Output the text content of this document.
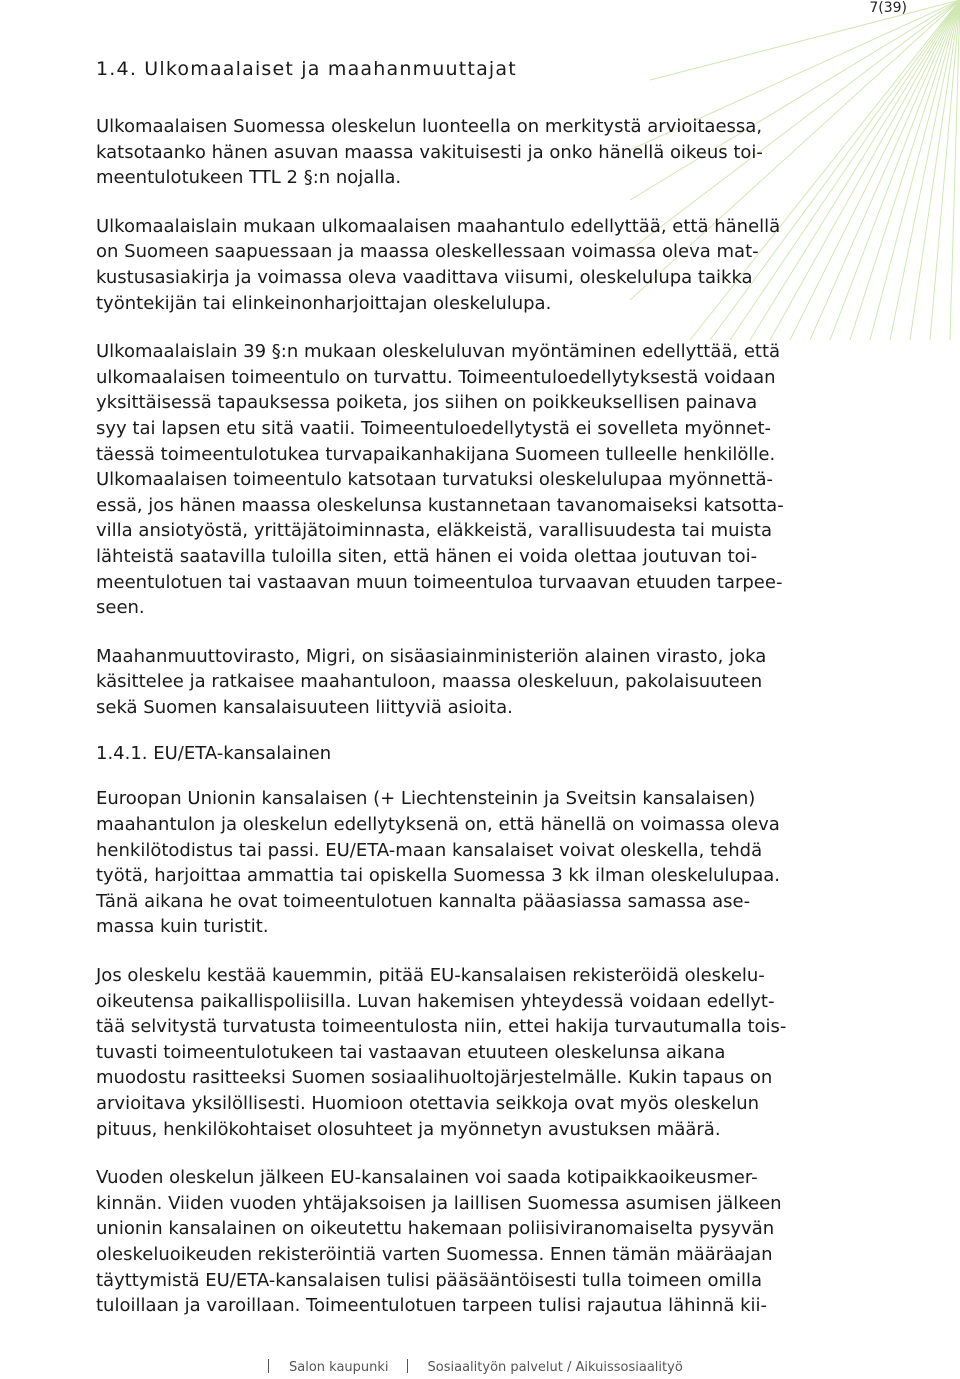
7(39)
1.4. Ulkomaalaiset ja maahanmuuttajat

Ulkomaalaisen Suomessa oleskelun luonteella on merkitystä arvioitaessa,
katsotaanko hänen asuvan maassa vakituisesti ja onko hänellä oikeus toi-
meentulotukeen TTL 2 §:n nojalla.

Ulkomaalaislain mukaan ulkomaalaisen maahantulo edellyttää, että hänellä
on Suomeen saapuessaan ja maassa oleskellessaan voimassa oleva mat-
kustusasiakirja ja voimassa oleva vaadittava viisumi, oleskelulupa taikka
työntekijän tai elinkeinonharjoittajan oleskelulupa.

Ulkomaalaislain 39 §:n mukaan oleskeluluvan myöntäminen edellyttää, että
ulkomaalaisen toimeentulo on turvattu. Toimeentuloedellytyksestä voidaan
yksittäisessä tapauksessa poiketa, jos siihen on poikkeuksellisen painava
syy tai lapsen etu sitä vaatii. Toimeentuloedellytystä ei sovelleta myönnet-
täessä toimeentulotukea turvapaikanhakijana Suomeen tulleelle henkilölle.
Ulkomaalaisen toimeentulo katsotaan turvatuksi oleskelulupaa myönnettä-
essä, jos hänen maassa oleskelunsa kustannetaan tavanomaiseksi katsotta-
villa ansiotyöstä, yrittäjätoiminnasta, eläkkeistä, varallisuudesta tai muista
lähteistä saatavilla tuloilla siten, että hänen ei voida olettaa joutuvan toi-
meentulotuen tai vastaavan muun toimeentuloa turvaavan etuuden tarpee-
seen.

Maahanmuuttovirasto, Migri, on sisäasiainministeriön alainen virasto, joka
käsittelee ja ratkaisee maahantuloon, maassa oleskeluun, pakolaisuuteen
sekä Suomen kansalaisuuteen liittyviä asioita.

1.4.1. EU/ETA-kansalainen

Euroopan Unionin kansalaisen (+ Liechtensteinin ja Sveitsin kansalaisen)
maahantulon ja oleskelun edellytyksenä on, että hänellä on voimassa oleva
henkilötodistus tai passi. EU/ETA-maan kansalaiset voivat oleskella, tehdä
työtä, harjoittaa ammattia tai opiskella Suomessa 3 kk ilman oleskelulupaa.
Tänä aikana he ovat toimeentulotuen kannalta pääasiassa samassa ase-
massa kuin turistit.

Jos oleskelu kestää kauemmin, pitää EU-kansalaisen rekisteröidä oleskelu-
oikeutensa paikallispoliisilla. Luvan hakemisen yhteydessä voidaan edellyt-
tää selvitystä turvatusta toimeentulosta niin, ettei hakija turvautumalla tois-
tuvasti toimeentulotukeen tai vastaavan etuuteen oleskelunsa aikana
muodostu rasitteeksi Suomen sosiaalihuoltojärjestelmälle. Kukin tapaus on
arvioitava yksilöllisesti. Huomioon otettavia seikkoja ovat myös oleskelun
pituus, henkilökohtaiset olosuhteet ja myönnetyn avustuksen määrä.

Vuoden oleskelun jälkeen EU-kansalainen voi saada kotipaikkaoikeusmer-
kinnän. Viiden vuoden yhtäjaksoisen ja laillisen Suomessa asumisen jälkeen
unionin kansalainen on oikeutettu hakemaan poliisiviranomaiselta pysyvän
oleskeluoikeuden rekisteröintiä varten Suomessa. Ennen tämän määräajan
täyttymistä EU/ETA-kansalaisen tulisi pääsääntöisesti tulla toimeen omilla
tuloillaan ja varoillaan. Toimeentulotuen tarpeen tulisi rajautua lähinnä kii-

Salon kaupunki	Sosiaalityön palvelut / Aikuissosiaalityö
